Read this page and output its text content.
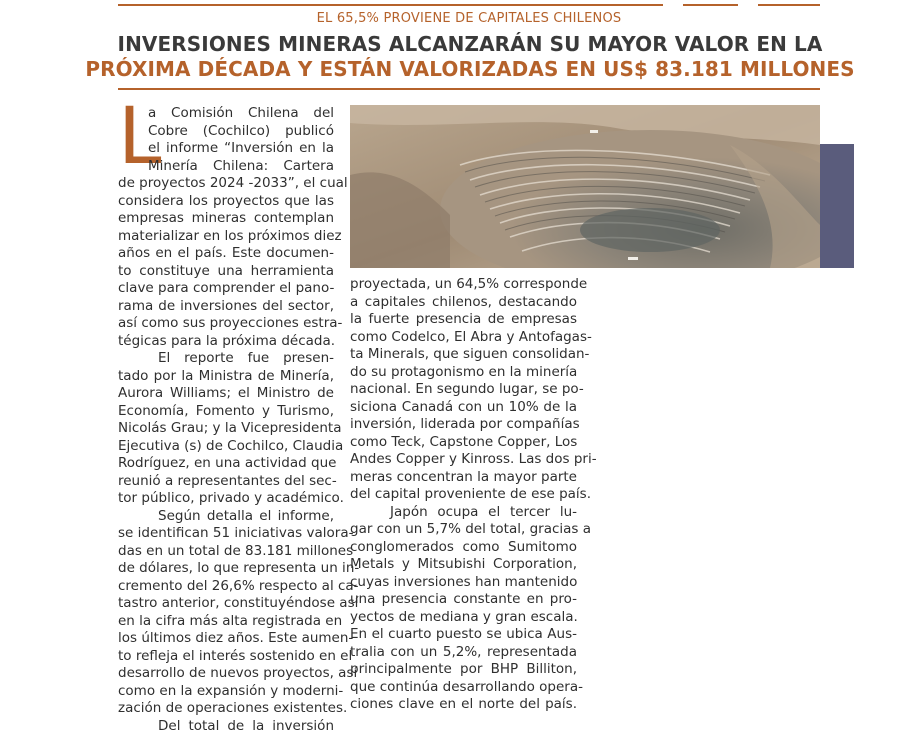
EL 65,5% PROVIENE DE CAPITALES CHILENOS
INVERSIONES MINERAS ALCANZARÁN SU MAYOR VALOR EN LA
PRÓXIMA DÉCADA Y ESTÁN VALORIZADAS EN US$ 83.181 MILLONES
L
a Comisión Chilena del
Cobre (Cochilco) publicó
el informe “Inversión en la
Minería Chilena: Cartera
de proyectos 2024 -2033”, el cual
considera los proyectos que las
empresas mineras contemplan
materializar en los próximos diez
años en el país. Este documen-
to constituye una herramienta
clave para comprender el pano-
rama de inversiones del sector,
así como sus proyecciones estra-
tégicas para la próxima década.
El reporte fue presen-
tado por la Ministra de Minería,
Aurora Williams; el Ministro de
Economía, Fomento y Turismo,
Nicolás Grau; y la Vicepresidenta
Ejecutiva (s) de Cochilco, Claudia
Rodríguez, en una actividad que
reunió a representantes del sec-
tor público, privado y académico.
Según detalla el informe,
se identifican 51 iniciativas valora-
das en un total de 83.181 millones
de dólares, lo que representa un in-
cremento del 26,6% respecto al ca-
tastro anterior, constituyéndose así
en la cifra más alta registrada en
los últimos diez años. Este aumen-
to refleja el interés sostenido en el
desarrollo de nuevos proyectos, así
como en la expansión y moderni-
zación de operaciones existentes.
Del total de la inversión
proyectada, un 64,5% corresponde
a capitales chilenos, destacando
la fuerte presencia de empresas
como Codelco, El Abra y Antofagas-
ta Minerals, que siguen consolidan-
do su protagonismo en la minería
nacional. En segundo lugar, se po-
siciona Canadá con un 10% de la
inversión, liderada por compañías
como Teck, Capstone Copper, Los
Andes Copper y Kinross. Las dos pri-
meras concentran la mayor parte
del capital proveniente de ese país.
Japón ocupa el tercer lu-
gar con un 5,7% del total, gracias a
conglomerados como Sumitomo
Metals y Mitsubishi Corporation,
cuyas inversiones han mantenido
una presencia constante en pro-
yectos de mediana y gran escala.
En el cuarto puesto se ubica Aus-
tralia con un 5,2%, representada
principalmente por BHP Billiton,
que continúa desarrollando opera-
ciones clave en el norte del país.
